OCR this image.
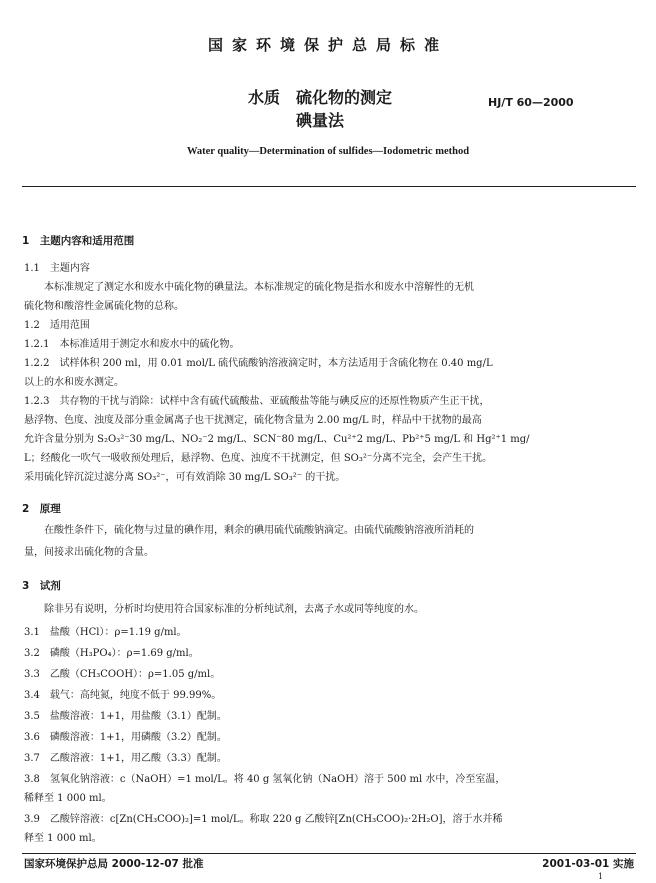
国家环境保护总局标准
水质　硫化物的测定
碘量法
HJ/T 60—2000
Water quality—Determination of sulfides—Iodometric method
1　主题内容和适用范围
1.1　主题内容
　　本标准规定了测定水和废水中硫化物的碘量法。本标准规定的硫化物是指水和废水中溶解性的无机
硫化物和酸溶性金属硫化物的总称。
1.2　适用范围
1.2.1　本标准适用于测定水和废水中的硫化物。
1.2.2　试样体积 200 ml，用 0.01 mol/L 硫代硫酸钠溶液滴定时，本方法适用于含硫化物在 0.40 mg/L
以上的水和废水测定。
1.2.3　共存物的干扰与消除：试样中含有硫代硫酸盐、亚硫酸盐等能与碘反应的还原性物质产生正干扰，
悬浮物、色度、浊度及部分重金属离子也干扰测定，硫化物含量为 2.00 mg/L 时，样品中干扰物的最高
允许含量分别为 S₂O₃²⁻30 mg/L、NO₂⁻2 mg/L、SCN⁻80 mg/L、Cu²⁺2 mg/L、Pb²⁺5 mg/L 和 Hg²⁺1 mg/
L；经酸化一吹气一吸收预处理后，悬浮物、色度、浊度不干扰测定，但 SO₃²⁻分离不完全，会产生干扰。
采用硫化锌沉淀过滤分离 SO₃²⁻，可有效消除 30 mg/L SO₃²⁻ 的干扰。
2　原理
　　在酸性条件下，硫化物与过量的碘作用，剩余的碘用硫代硫酸钠滴定。由硫代硫酸钠溶液所消耗的
量，间接求出硫化物的含量。
3　试剂
　　除非另有说明，分析时均使用符合国家标准的分析纯试剂，去离子水或同等纯度的水。
3.1　盐酸（HCl）：ρ=1.19 g/ml。
3.2　磷酸（H₃PO₄）：ρ=1.69 g/ml。
3.3　乙酸（CH₃COOH）：ρ=1.05 g/ml。
3.4　载气：高纯氮，纯度不低于 99.99%。
3.5　盐酸溶液：1+1，用盐酸（3.1）配制。
3.6　磷酸溶液：1+1，用磷酸（3.2）配制。
3.7　乙酸溶液：1+1，用乙酸（3.3）配制。
3.8　氢氧化钠溶液：c（NaOH）=1 mol/L。将 40 g 氢氧化钠（NaOH）溶于 500 ml 水中，冷至室温，
稀释至 1 000 ml。
3.9　乙酸锌溶液：c[Zn(CH₃COO)₂]=1 mol/L。称取 220 g 乙酸锌[Zn(CH₃COO)₂·2H₂O]，溶于水并稀
释至 1 000 ml。
国家环境保护总局 2000-12-07 批准	2001-03-01 实施
1
